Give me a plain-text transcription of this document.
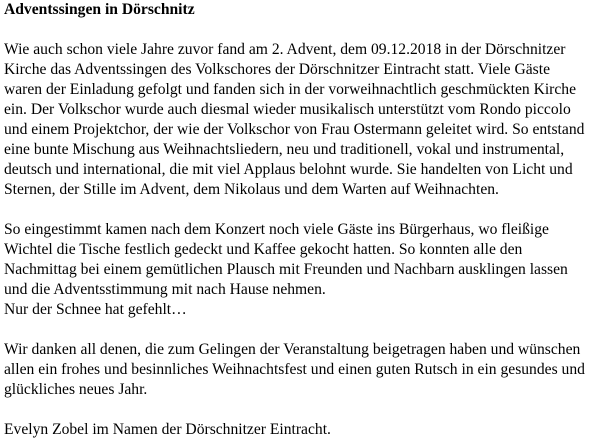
Adventssingen in Dörschnitz
Wie auch schon viele Jahre zuvor fand am 2. Advent, dem 09.12.2018 in der Dörschnitzer
Kirche das Adventssingen des Volkschores der Dörschnitzer Eintracht statt. Viele Gäste
waren der Einladung gefolgt und fanden sich in der vorweihnachtlich geschmückten Kirche
ein. Der Volkschor wurde auch diesmal wieder musikalisch unterstützt vom Rondo piccolo
und einem Projektchor, der wie der Volkschor von Frau Ostermann geleitet wird. So entstand
eine bunte Mischung aus Weihnachtsliedern, neu und traditionell, vokal und instrumental,
deutsch und international, die mit viel Applaus belohnt wurde. Sie handelten von Licht und
Sternen, der Stille im Advent, dem Nikolaus und dem Warten auf Weihnachten.
So eingestimmt kamen nach dem Konzert noch viele Gäste ins Bürgerhaus, wo fleißige
Wichtel die Tische festlich gedeckt und Kaffee gekocht hatten. So konnten alle den
Nachmittag bei einem gemütlichen Plausch mit Freunden und Nachbarn ausklingen lassen
und die Adventsstimmung mit nach Hause nehmen.
Nur der Schnee hat gefehlt…
Wir danken all denen, die zum Gelingen der Veranstaltung beigetragen haben und wünschen
allen ein frohes und besinnliches Weihnachtsfest und einen guten Rutsch in ein gesundes und
glückliches neues Jahr.
Evelyn Zobel im Namen der Dörschnitzer Eintracht.
